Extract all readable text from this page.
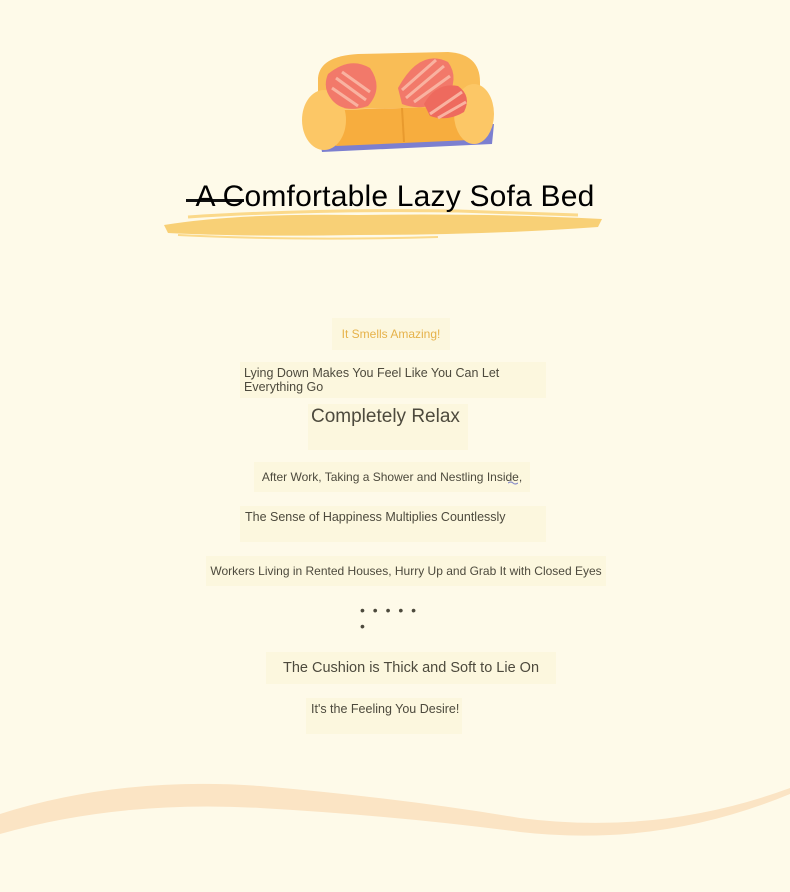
A Comfortable Lazy Sofa Bed
It Smells Amazing!
Lying Down Makes You Feel Like You Can Let Everything Go
Completely Relax
After Work, Taking a Shower and Nestling Inside,
The Sense of Happiness Multiplies Countlessly
Workers Living in Rented Houses, Hurry Up and Grab It with Closed Eyes
• • • • • •
The Cushion is Thick and Soft to Lie On
It's the Feeling You Desire!
